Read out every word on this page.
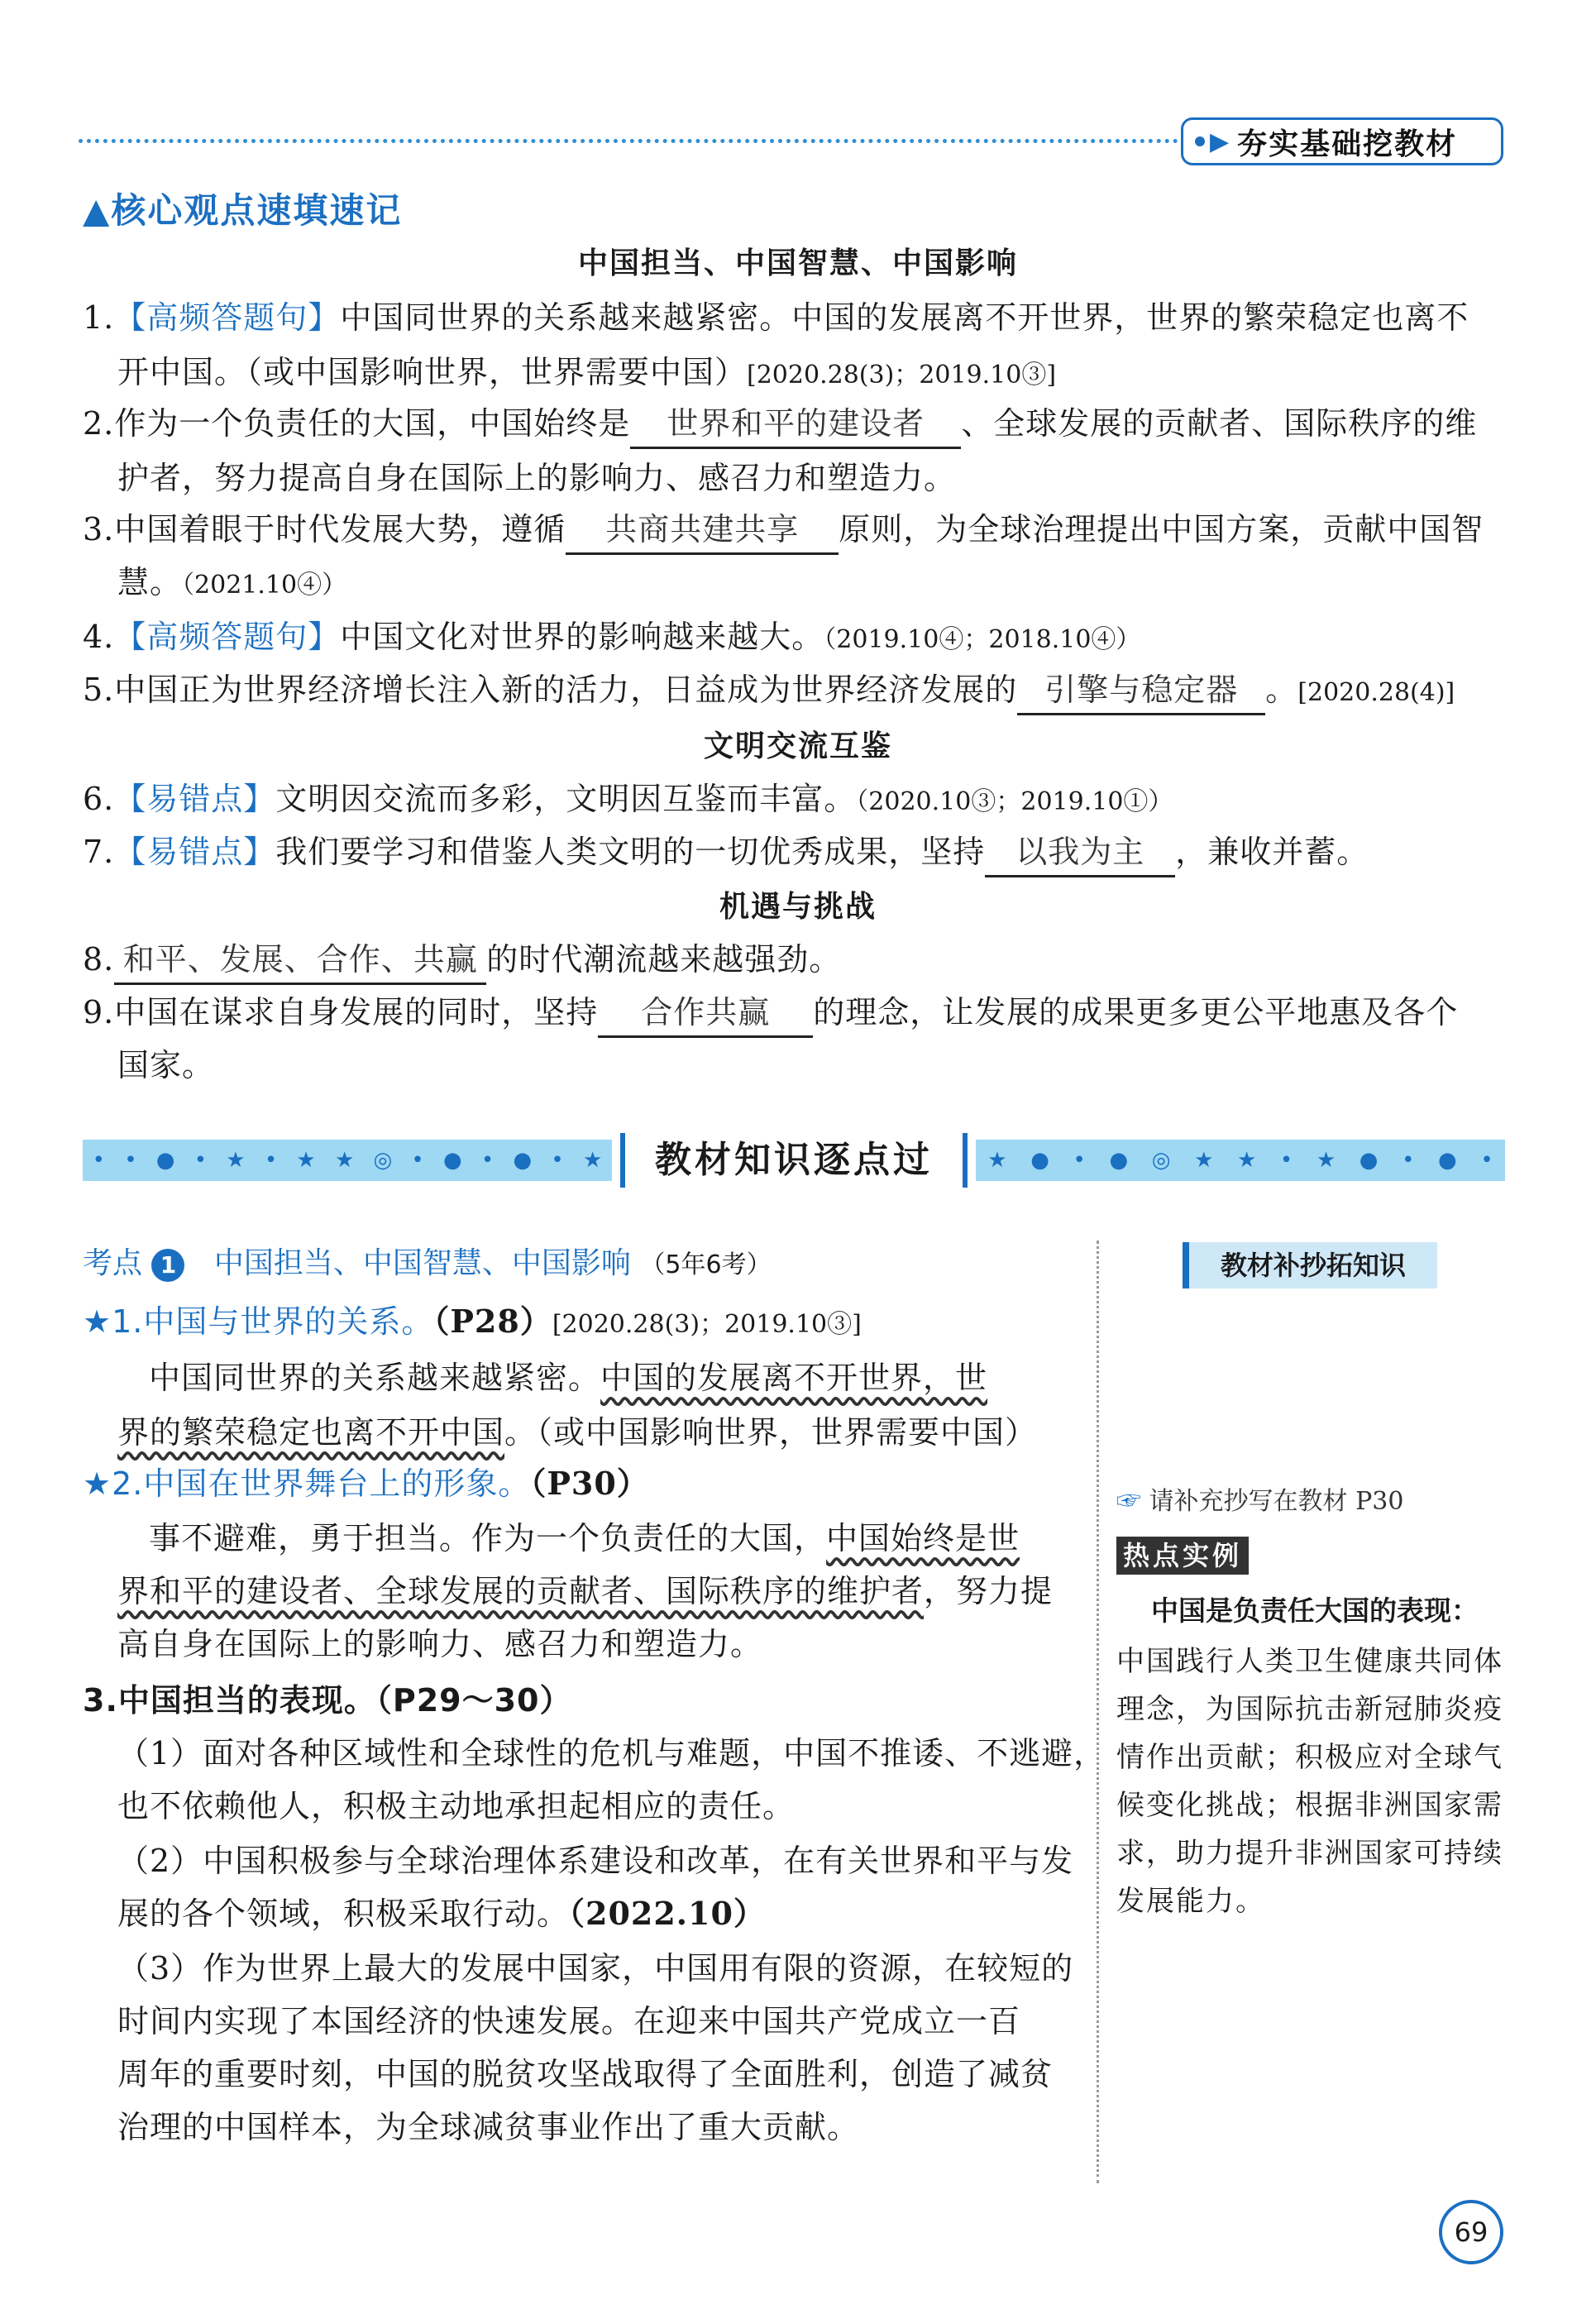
▶ 夯实基础挖教材
▲核心观点速填速记
中国担当、中国智慧、中国影响
1.【高频答题句】中国同世界的关系越来越紧密。中国的发展离不开世界，世界的繁荣稳定也离不
开中国。（或中国影响世界，世界需要中国）[2020.28(3)；2019.10③]
2.作为一个负责任的大国，中国始终是 世界和平的建设者 、全球发展的贡献者、国际秩序的维
护者，努力提高自身在国际上的影响力、感召力和塑造力。
3.中国着眼于时代发展大势，遵循 共商共建共享 原则，为全球治理提出中国方案，贡献中国智
慧。（2021.10④）
4.【高频答题句】中国文化对世界的影响越来越大。（2019.10④；2018.10④）
5.中国正为世界经济增长注入新的活力，日益成为世界经济发展的 引擎与稳定器 。[2020.28(4)]
文明交流互鉴
6.【易错点】文明因交流而多彩，文明因互鉴而丰富。（2020.10③；2019.10①）
7.【易错点】我们要学习和借鉴人类文明的一切优秀成果，坚持 以我为主 ，兼收并蓄。
机遇与挑战
8. 和平、发展、合作、共赢 的时代潮流越来越强劲。
9.中国在谋求自身发展的同时，坚持 合作共赢 的理念，让发展的成果更多更公平地惠及各个
国家。
• • ● • ★ • ★ ★ ◎ • ● • ● • ★	教材知识逐点过	★ ● • ● ◎ ★ ★ • ★ ● • ● •
考点 1 中国担当、中国智慧、中国影响 （5年6考）
★1.中国与世界的关系。（P28）[2020.28(3)；2019.10③]
中国同世界的关系越来越紧密。中国的发展离不开世界，世
界的繁荣稳定也离不开中国。（或中国影响世界，世界需要中国）
★2.中国在世界舞台上的形象。（P30）
事不避难，勇于担当。作为一个负责任的大国，中国始终是世
界和平的建设者、全球发展的贡献者、国际秩序的维护者，努力提
高自身在国际上的影响力、感召力和塑造力。
3.中国担当的表现。（P29～30）
（1）面对各种区域性和全球性的危机与难题，中国不推诿、不逃避，
也不依赖他人，积极主动地承担起相应的责任。
（2）中国积极参与全球治理体系建设和改革，在有关世界和平与发
展的各个领域，积极采取行动。（2022.10）
（3）作为世界上最大的发展中国家，中国用有限的资源，在较短的
时间内实现了本国经济的快速发展。在迎来中国共产党成立一百
周年的重要时刻，中国的脱贫攻坚战取得了全面胜利，创造了减贫
治理的中国样本，为全球减贫事业作出了重大贡献。
教材补抄拓知识
☞ 请补充抄写在教材 P30
热点实例
中国是负责任大国的表现：
中国践行人类卫生健康共同体理念，为国际抗击新冠肺炎疫情作出贡献；积极应对全球气候变化挑战；根据非洲国家需求，助力提升非洲国家可持续发展能力。
69
